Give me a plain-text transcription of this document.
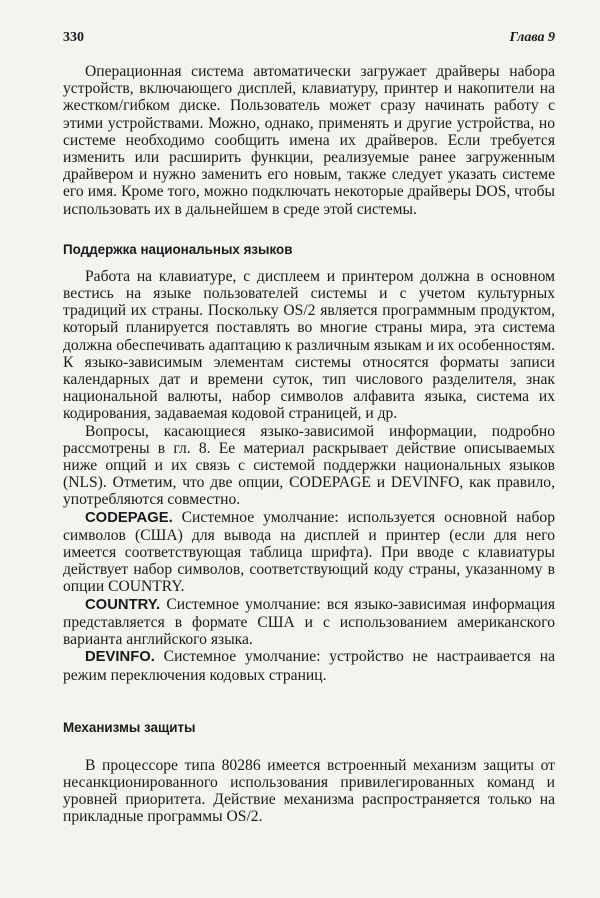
330	Глава 9

Операционная система автоматически загружает драйверы набора устройств, включающего дисплей, клавиатуру, принтер и накопители на жестком/гибком диске. Пользователь может сразу начинать работу с этими устройствами. Можно, однако, применять и другие устройства, но системе необходимо сообщить имена их драйверов. Если требуется изменить или расширить функции, реализуемые ранее загруженным драйвером и нужно заменить его новым, также следует указать системе его имя. Кроме того, можно подключать некоторые драйверы DOS, чтобы использовать их в дальнейшем в среде этой системы.

Поддержка национальных языков

Работа на клавиатуре, с дисплеем и принтером должна в основном вестись на языке пользователей системы и с учетом культурных традиций их страны. Поскольку OS/2 является программным продуктом, который планируется поставлять во многие страны мира, эта система должна обеспечивать адаптацию к различным языкам и их особенностям. К языко-зависимым элементам системы относятся форматы записи календарных дат и времени суток, тип числового разделителя, знак национальной валюты, набор символов алфавита языка, система их кодирования, задаваемая кодовой страницей, и др.

Вопросы, касающиеся языко-зависимой информации, подробно рассмотрены в гл. 8. Ее материал раскрывает действие описываемых ниже опций и их связь с системой поддержки национальных языков (NLS). Отметим, что две опции, CODEPAGE и DEVINFO, как правило, употребляются совместно.

CODEPAGE. Системное умолчание: используется основной набор символов (США) для вывода на дисплей и принтер (если для него имеется соответствующая таблица шрифта). При вводе с клавиатуры действует набор символов, соответствующий коду страны, указанному в опции COUNTRY.

COUNTRY. Системное умолчание: вся языко-зависимая информация представляется в формате США и с использованием американского варианта английского языка.

DEVINFO. Системное умолчание: устройство не настраивается на режим переключения кодовых страниц.

Механизмы защиты

В процессоре типа 80286 имеется встроенный механизм защиты от несанкционированного использования привилегированных команд и уровней приоритета. Действие механизма распространяется только на прикладные программы OS/2.
